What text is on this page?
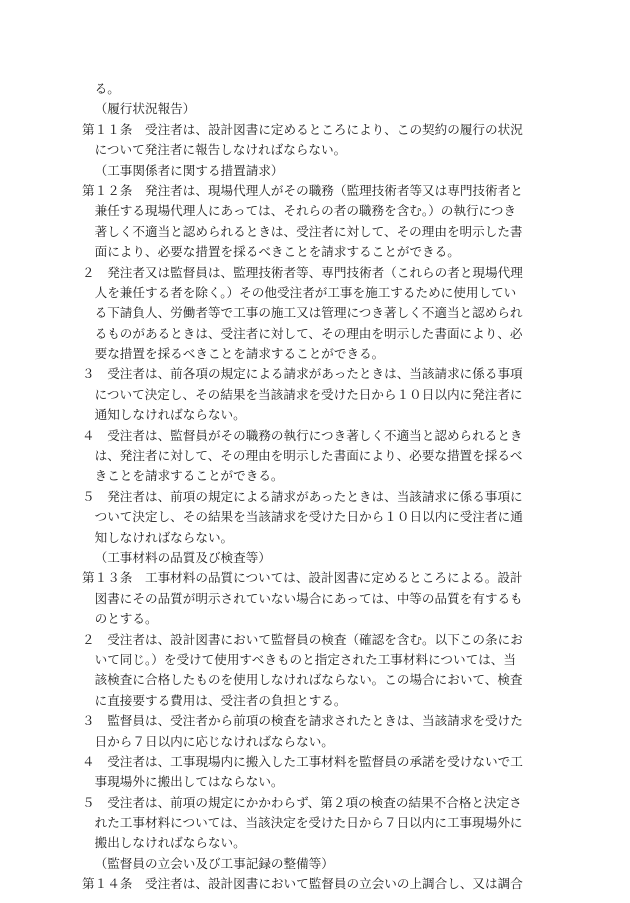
る。
（履行状況報告）
第１１条　受注者は、設計図書に定めるところにより、この契約の履行の状況
について発注者に報告しなければならない。
（工事関係者に関する措置請求）
第１２条　発注者は、現場代理人がその職務（監理技術者等又は専門技術者と
兼任する現場代理人にあっては、それらの者の職務を含む。）の執行につき
著しく不適当と認められるときは、受注者に対して、その理由を明示した書
面により、必要な措置を採るべきことを請求することができる。
２　発注者又は監督員は、監理技術者等、専門技術者（これらの者と現場代理
人を兼任する者を除く。）その他受注者が工事を施工するために使用してい
る下請負人、労働者等で工事の施工又は管理につき著しく不適当と認められ
るものがあるときは、受注者に対して、その理由を明示した書面により、必
要な措置を採るべきことを請求することができる。
３　受注者は、前各項の規定による請求があったときは、当該請求に係る事項
について決定し、その結果を当該請求を受けた日から１０日以内に発注者に
通知しなければならない。
４　受注者は、監督員がその職務の執行につき著しく不適当と認められるとき
は、発注者に対して、その理由を明示した書面により、必要な措置を採るべ
きことを請求することができる。
５　発注者は、前項の規定による請求があったときは、当該請求に係る事項に
ついて決定し、その結果を当該請求を受けた日から１０日以内に受注者に通
知しなければならない。
（工事材料の品質及び検査等）
第１３条　工事材料の品質については、設計図書に定めるところによる。設計
図書にその品質が明示されていない場合にあっては、中等の品質を有するも
のとする。
２　受注者は、設計図書において監督員の検査（確認を含む。以下この条にお
いて同じ。）を受けて使用すべきものと指定された工事材料については、当
該検査に合格したものを使用しなければならない。この場合において、検査
に直接要する費用は、受注者の負担とする。
３　監督員は、受注者から前項の検査を請求されたときは、当該請求を受けた
日から７日以内に応じなければならない。
４　受注者は、工事現場内に搬入した工事材料を監督員の承諾を受けないで工
事現場外に搬出してはならない。
５　受注者は、前項の規定にかかわらず、第２項の検査の結果不合格と決定さ
れた工事材料については、当該決定を受けた日から７日以内に工事現場外に
搬出しなければならない。
（監督員の立会い及び工事記録の整備等）
第１４条　受注者は、設計図書において監督員の立会いの上調合し、又は調合
